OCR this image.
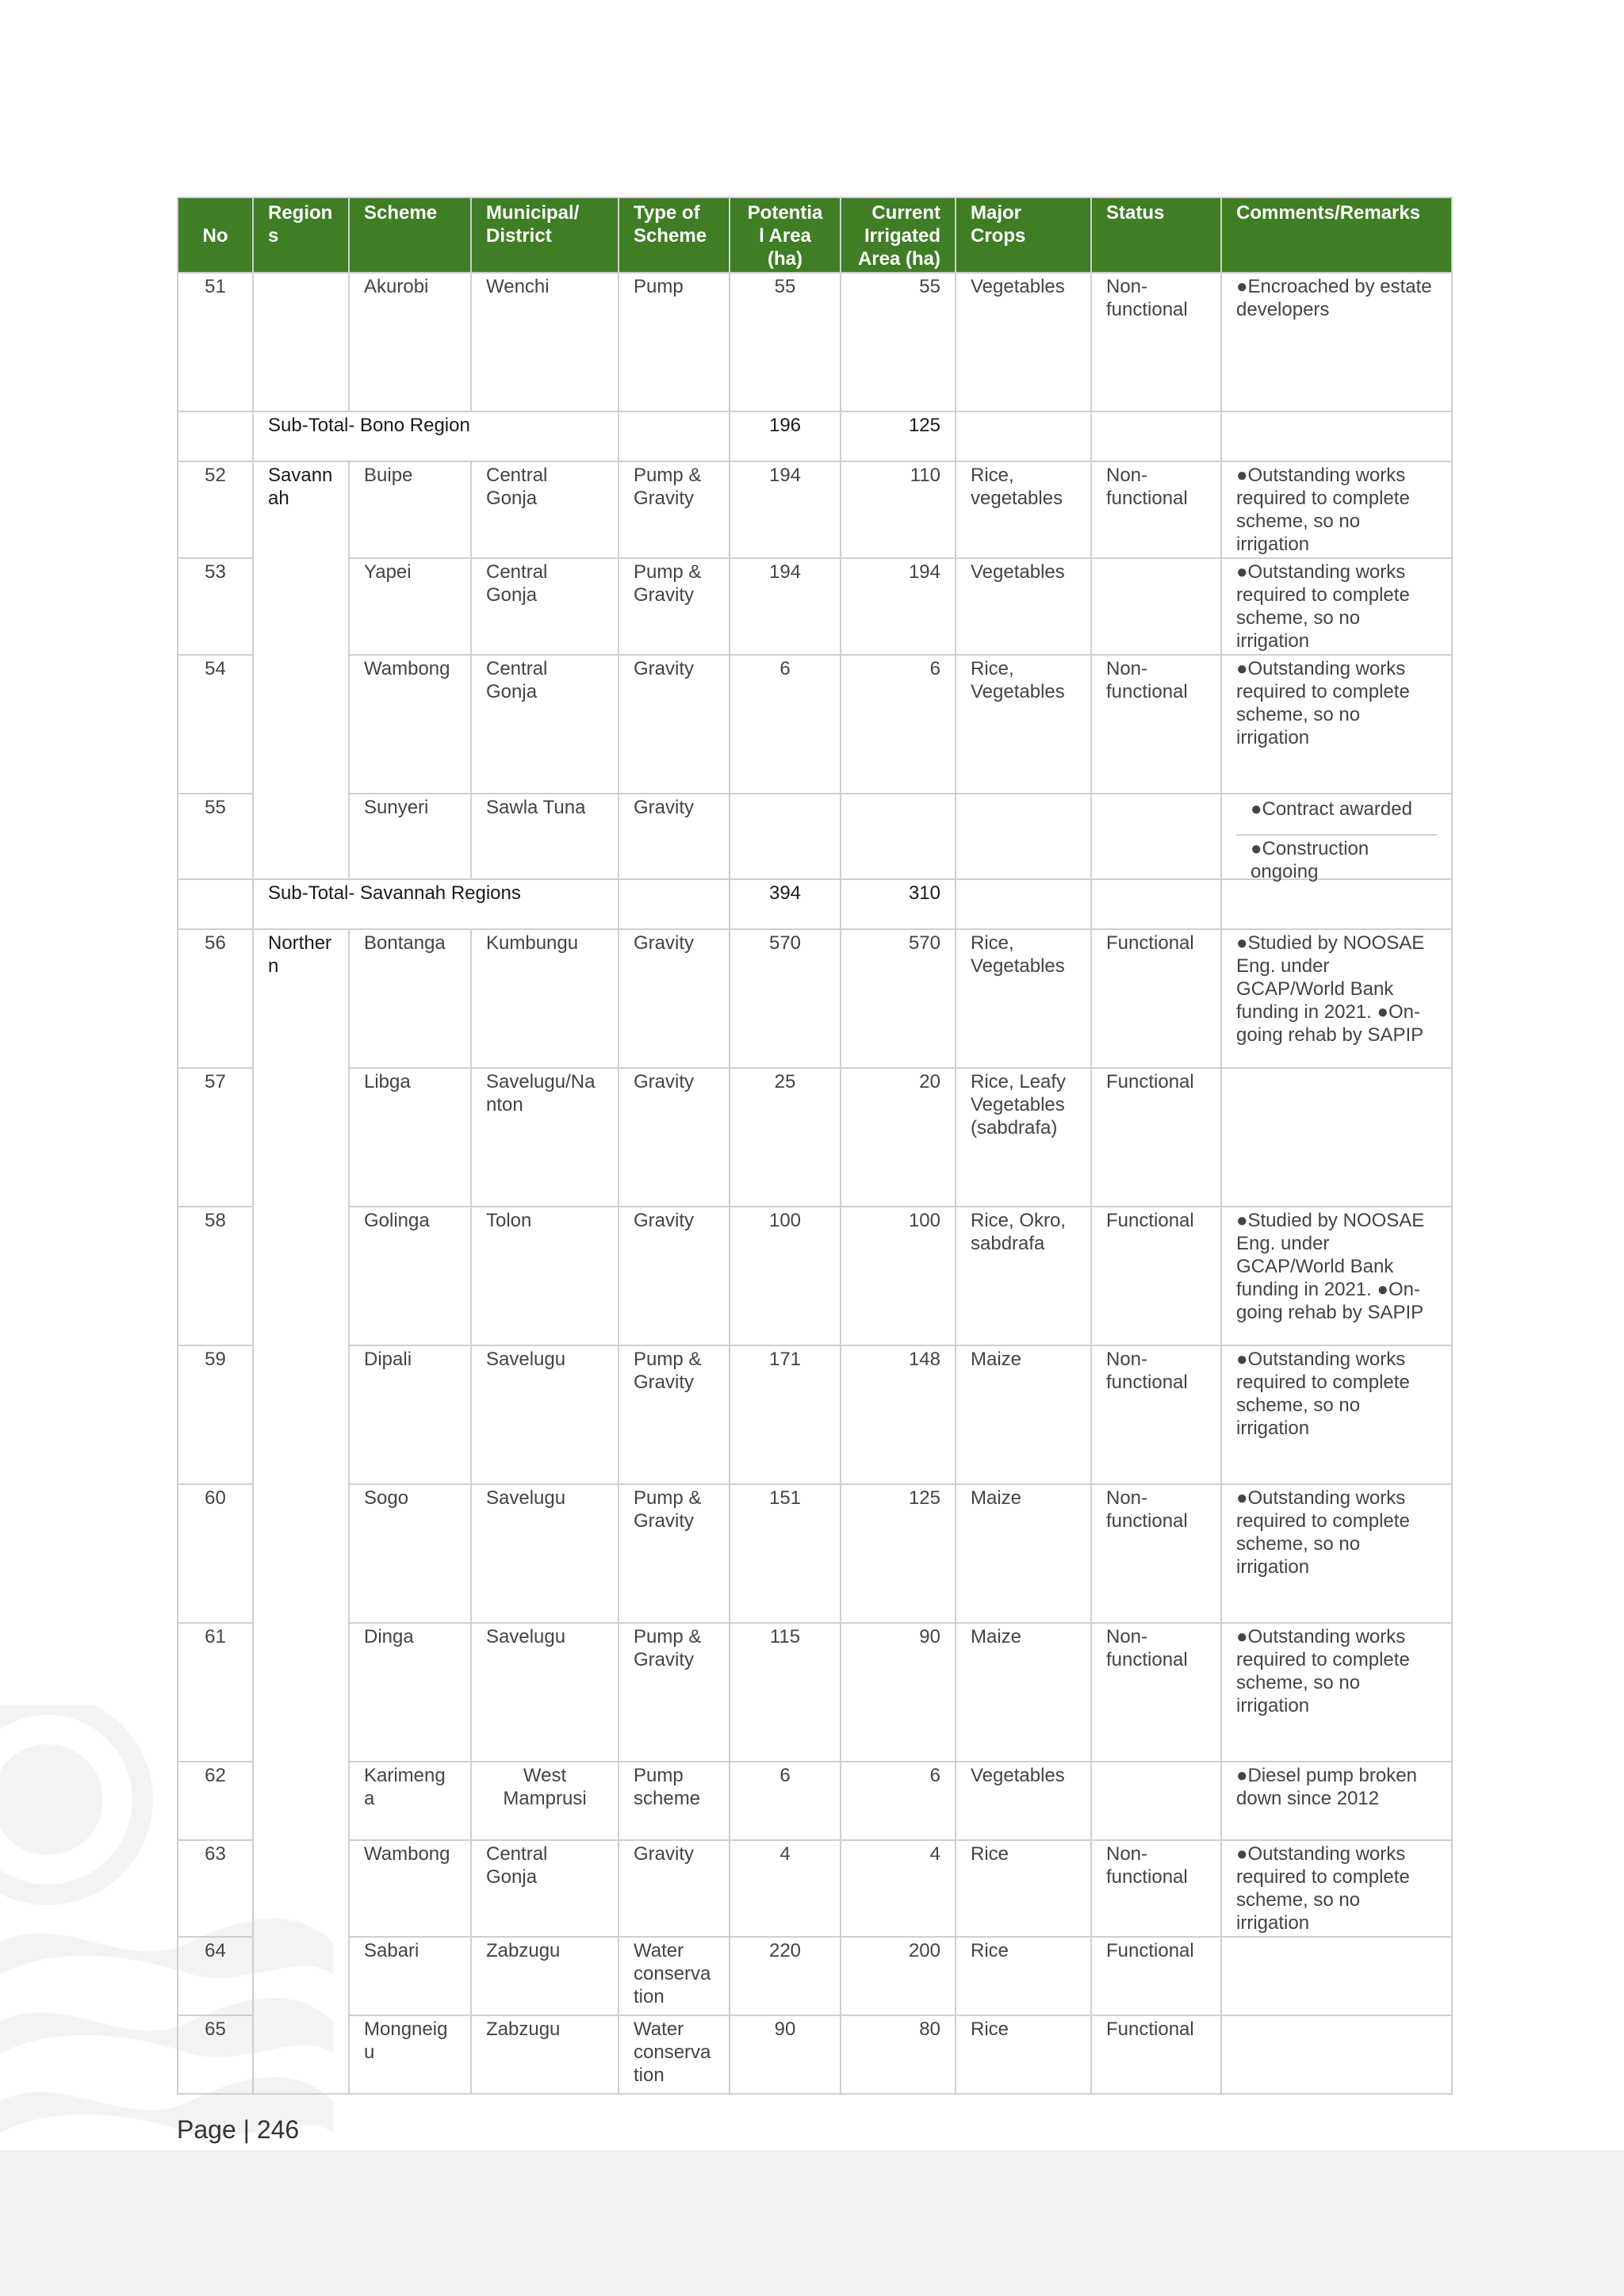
No	Region s	Scheme	Municipal/ District	Type of Scheme	Potentia l Area (ha)	Current Irrigated Area (ha)	Major Crops	Status	Comments/Remarks
51		Akurobi	Wenchi	Pump	55	55	Vegetables	Non-functional	●Encroached by estate developers
	Sub-Total- Bono Region				196	125			
52	Savann ah	Buipe	Central Gonja	Pump & Gravity	194	110	Rice, vegetables	Non-functional	●Outstanding works required to complete scheme, so no irrigation
53		Yapei	Central Gonja	Pump & Gravity	194	194	Vegetables		●Outstanding works required to complete scheme, so no irrigation
54		Wambong	Central Gonja	Gravity	6	6	Rice, Vegetables	Non-functional	●Outstanding works required to complete scheme, so no irrigation
55		Sunyeri	Sawla Tuna	Gravity					●Contract awarded
●Construction ongoing

	Sub-Total- Savannah Regions				394	310			
56	Norther n	Bontanga	Kumbungu	Gravity	570	570	Rice, Vegetables	Functional	●Studied by NOOSAE Eng. under GCAP/World Bank funding in 2021. ●On-going rehab by SAPIP
57		Libga	Savelugu/Na nton	Gravity	25	20	Rice, Leafy Vegetables (sabdrafa)	Functional	
58		Golinga	Tolon	Gravity	100	100	Rice, Okro, sabdrafa	Functional	●Studied by NOOSAE Eng. under GCAP/World Bank funding in 2021. ●On-going rehab by SAPIP
59		Dipali	Savelugu	Pump & Gravity	171	148	Maize	Non-functional	●Outstanding works required to complete scheme, so no irrigation
60		Sogo	Savelugu	Pump & Gravity	151	125	Maize	Non-functional	●Outstanding works required to complete scheme, so no irrigation
61		Dinga	Savelugu	Pump & Gravity	115	90	Maize	Non-functional	●Outstanding works required to complete scheme, so no irrigation
62		Karimenga	West Mamprusi	Pump scheme	6	6	Vegetables		●Diesel pump broken down since 2012
63		Wambong	Central Gonja	Gravity	4	4	Rice	Non-functional	●Outstanding works required to complete scheme, so no irrigation
64		Sabari	Zabzugu	Water conserva tion	220	200	Rice	Functional	
65		Mongneig u	Zabzugu	Water conserva tion	90	80	Rice	Functional	
Page | 246
